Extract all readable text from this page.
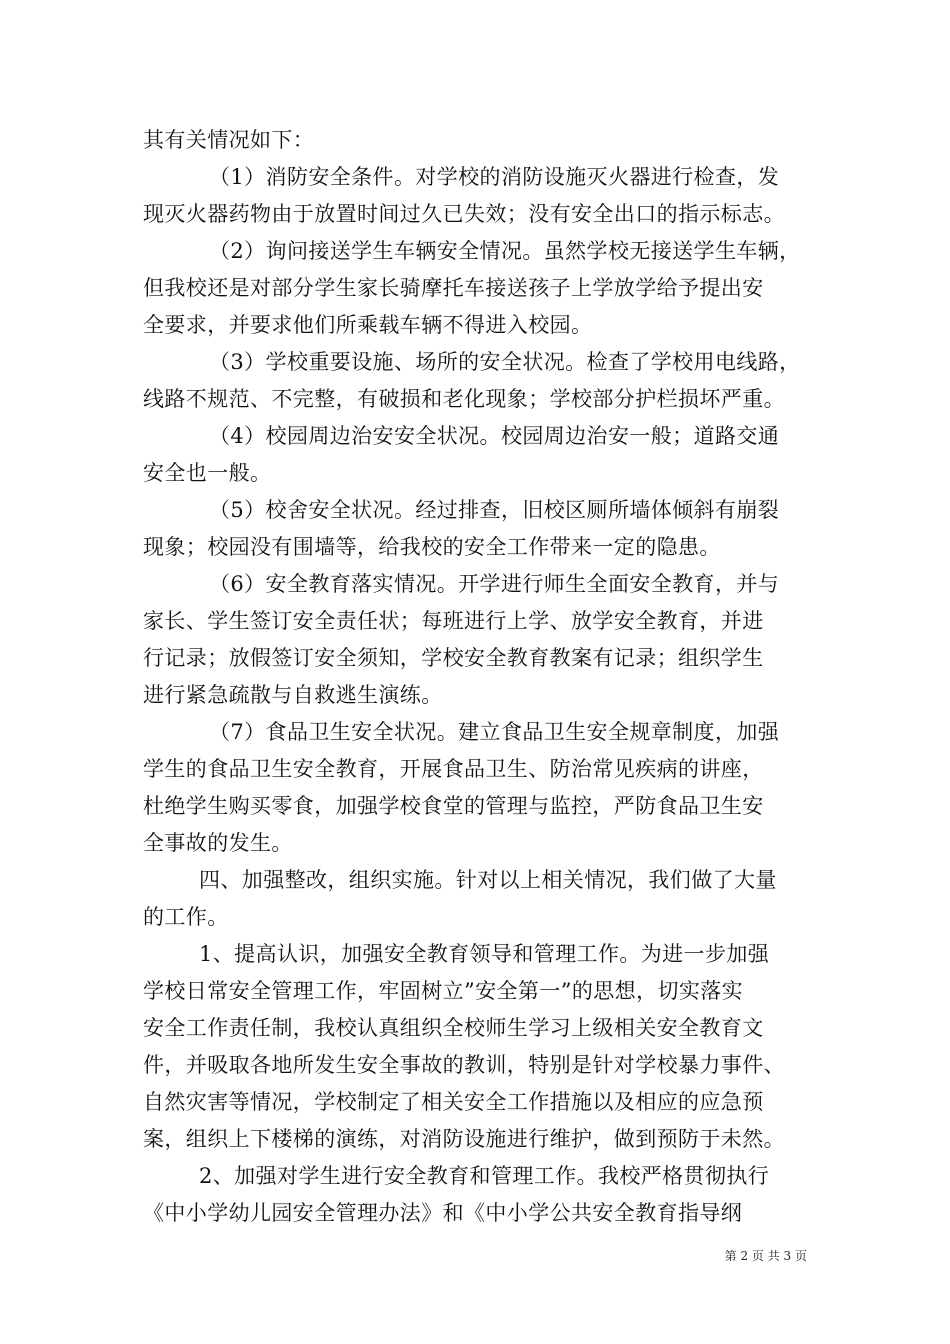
其有关情况如下：
（1）消防安全条件。对学校的消防设施灭火器进行检查，发
现灭火器药物由于放置时间过久已失效；没有安全出口的指示标志。
（2）询问接送学生车辆安全情况。虽然学校无接送学生车辆，
但我校还是对部分学生家长骑摩托车接送孩子上学放学给予提出安
全要求，并要求他们所乘载车辆不得进入校园。
（3）学校重要设施、场所的安全状况。检查了学校用电线路，
线路不规范、不完整，有破损和老化现象；学校部分护栏损坏严重。
（4）校园周边治安安全状况。校园周边治安一般；道路交通
安全也一般。
（5）校舍安全状况。经过排查，旧校区厕所墙体倾斜有崩裂
现象；校园没有围墙等，给我校的安全工作带来一定的隐患。
（6）安全教育落实情况。开学进行师生全面安全教育，并与
家长、学生签订安全责任状；每班进行上学、放学安全教育，并进
行记录；放假签订安全须知，学校安全教育教案有记录；组织学生
进行紧急疏散与自救逃生演练。
（7）食品卫生安全状况。建立食品卫生安全规章制度，加强
学生的食品卫生安全教育，开展食品卫生、防治常见疾病的讲座，
杜绝学生购买零食，加强学校食堂的管理与监控，严防食品卫生安
全事故的发生。
四、加强整改，组织实施。针对以上相关情况，我们做了大量
的工作。
1、提高认识，加强安全教育领导和管理工作。为进一步加强
学校日常安全管理工作，牢固树立”安全第一”的思想，切实落实
安全工作责任制，我校认真组织全校师生学习上级相关安全教育文
件，并吸取各地所发生安全事故的教训，特别是针对学校暴力事件、
自然灾害等情况，学校制定了相关安全工作措施以及相应的应急预
案，组织上下楼梯的演练，对消防设施进行维护，做到预防于未然。
2、加强对学生进行安全教育和管理工作。我校严格贯彻执行
《中小学幼儿园安全管理办法》和《中小学公共安全教育指导纲
第 2 页 共 3 页
